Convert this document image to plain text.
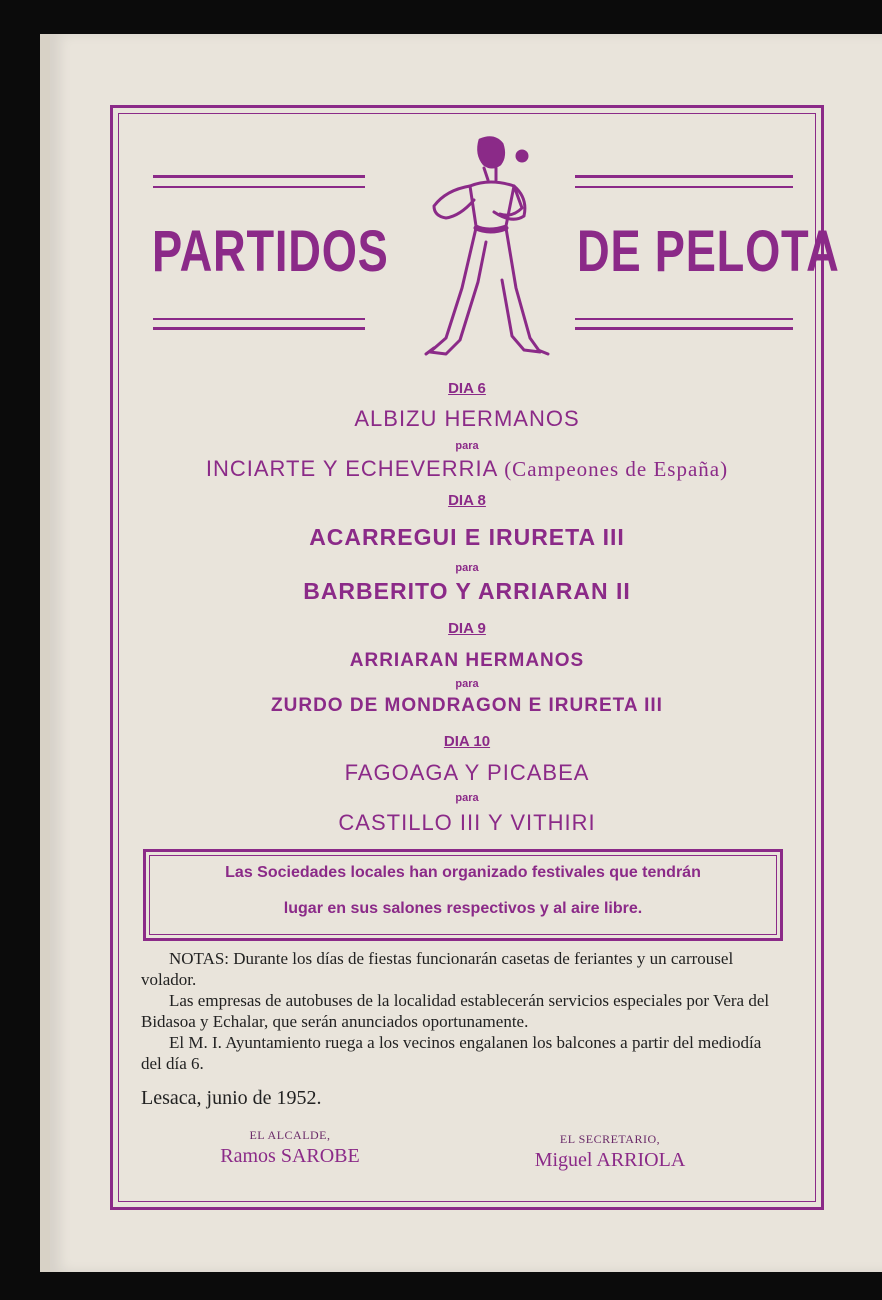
PARTIDOS	DE PELOTA
DIA 6
ALBIZU HERMANOS
para
INCIARTE Y ECHEVERRIA (Campeones de España)
DIA 8
ACARREGUI E IRURETA III
para
BARBERITO Y ARRIARAN II
DIA 9
ARRIARAN HERMANOS
para
ZURDO DE MONDRAGON E IRURETA III
DIA 10
FAGOAGA Y PICABEA
para
CASTILLO III Y VITHIRI
Las Sociedades locales han organizado festivales que tendrán
lugar en sus salones respectivos y al aire libre.

NOTAS: Durante los días de fiestas funcionarán casetas de feriantes y un carrousel volador.

Las empresas de autobuses de la localidad establecerán servicios especiales por Vera del Bidasoa y Echalar, que serán anunciados oportunamente.

El M. I. Ayuntamiento ruega a los vecinos engalanen los balcones a partir del mediodía del día 6.

Lesaca, junio de 1952.
EL ALCALDE,
Ramos SAROBE
EL SECRETARIO,
Miguel ARRIOLA
